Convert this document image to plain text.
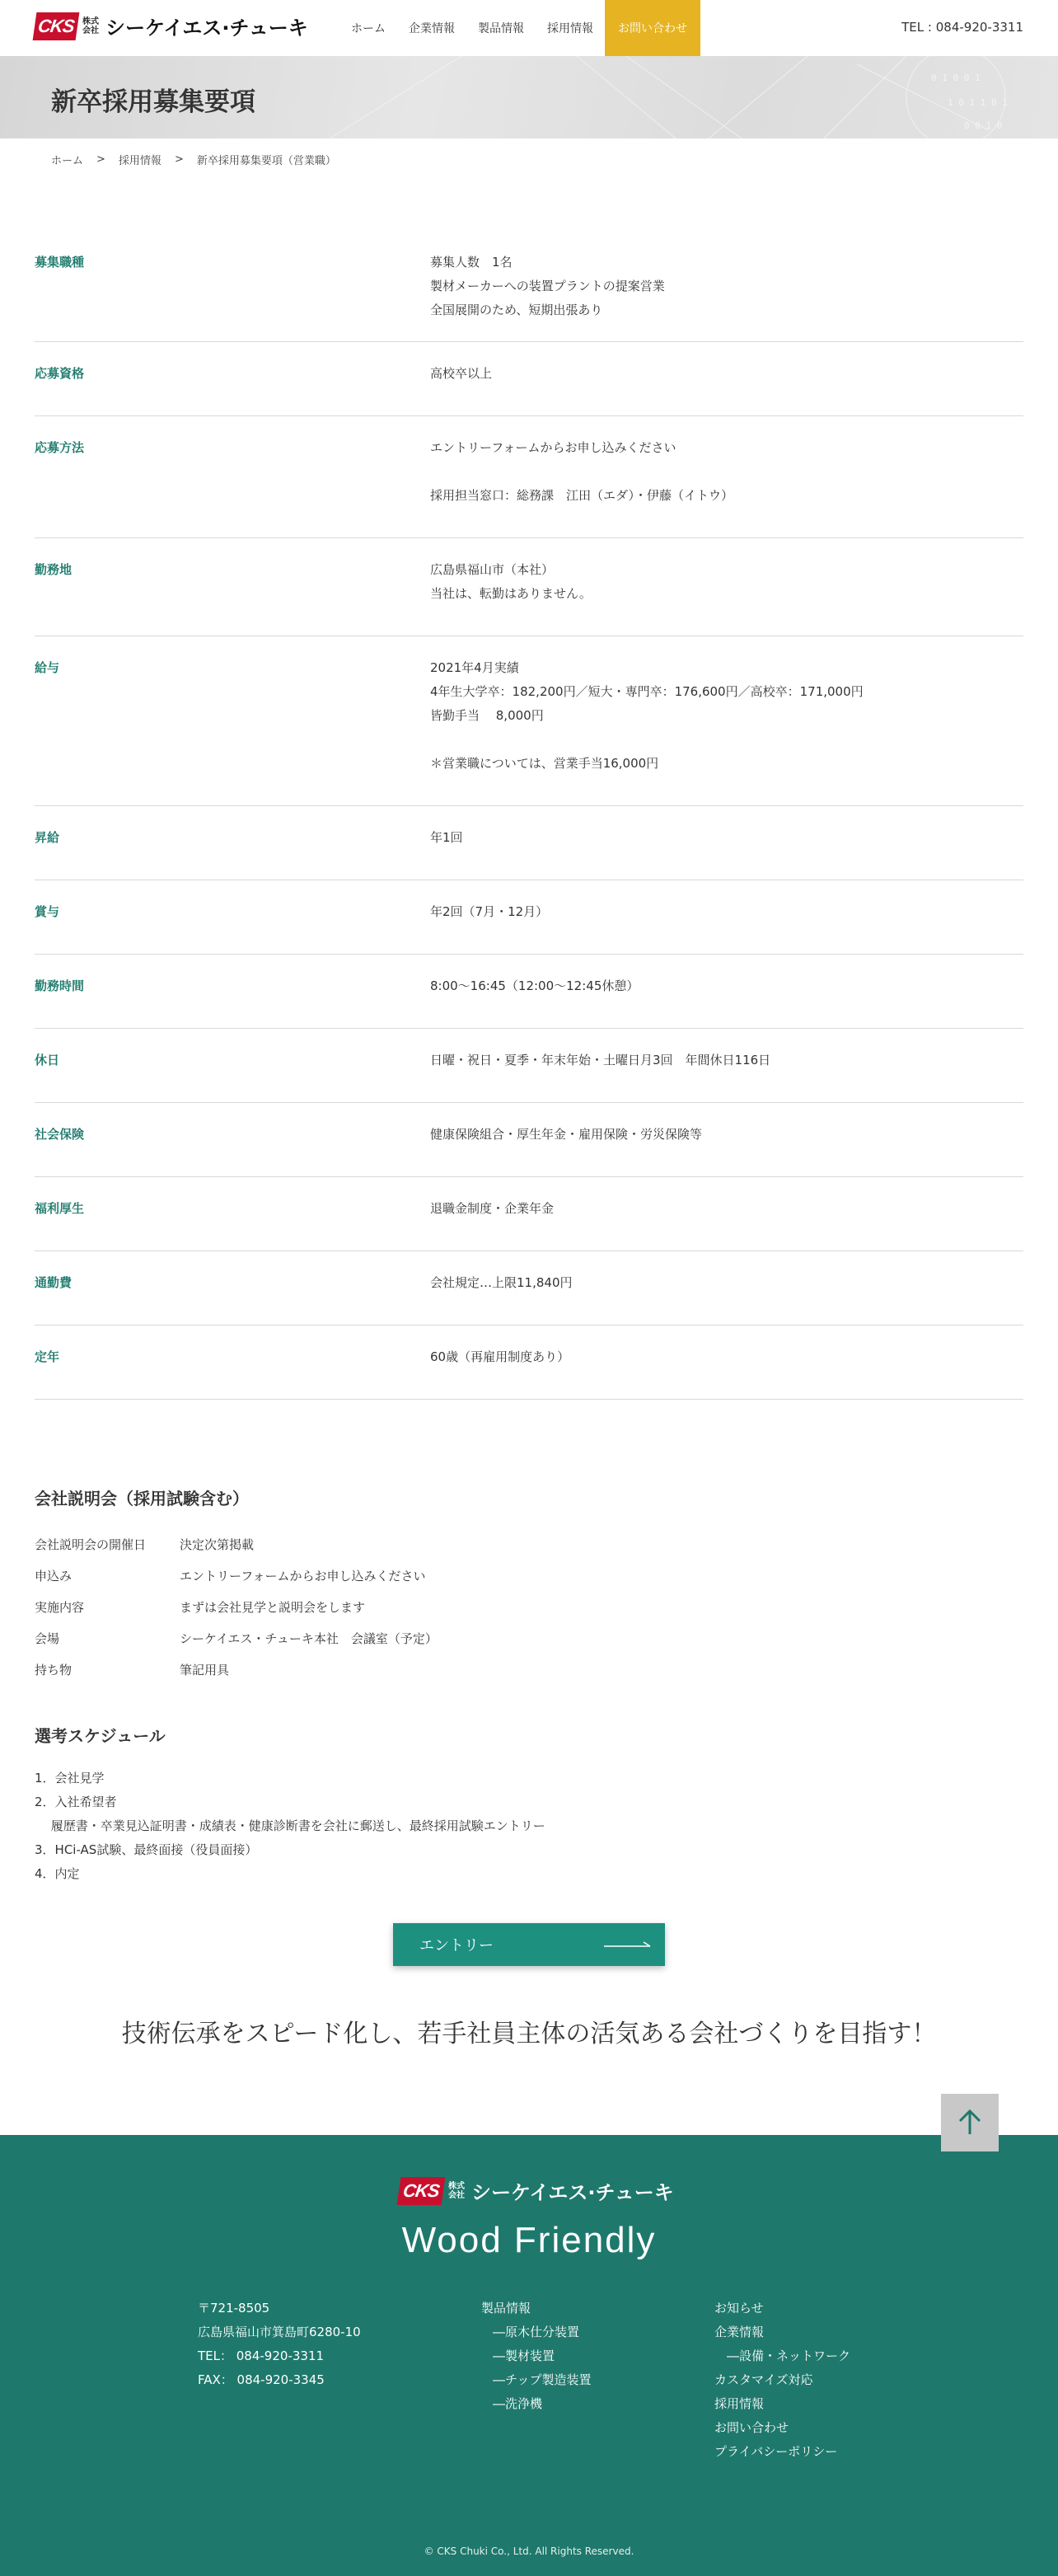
CKS 株式会社 シーケイエス·チューキ	ホーム	企業情報	製品情報	採用情報	お問い合わせ	TEL : 084-920-3311
0 1 0 0 1
1 0 1 1 0 1
0 0 1 0
新卒採用募集要項
ホーム > 採用情報 > 新卒採用募集要項（営業職）
募集職種	募集人数　1名
製材メーカーへの装置プラントの提案営業
全国展開のため、短期出張あり
応募資格	高校卒以上
応募方法	エントリーフォームからお申し込みください
採用担当窓口：総務課　江田（エダ）・伊藤（イトウ）
勤務地	広島県福山市（本社）
当社は、転勤はありません。
給与	2021年4月実績
4年生大学卒：182,200円／短大・専門卒：176,600円／高校卒：171,000円
皆勤手当　 8,000円
＊営業職については、営業手当16,000円
昇給	年1回
賞与	年2回（7月・12月）
勤務時間	8:00〜16:45（12:00〜12:45休憩）
休日	日曜・祝日・夏季・年末年始・土曜日月3回　年間休日116日
社会保険	健康保険組合・厚生年金・雇用保険・労災保険等
福利厚生	退職金制度・企業年金
通勤費	会社規定…上限11,840円
定年	60歳（再雇用制度あり）
会社説明会（採用試験含む）
会社説明会の開催日	決定次第掲載
申込み	エントリーフォームからお申し込みください
実施内容	まずは会社見学と説明会をします
会場	シーケイエス・チューキ本社　会議室（予定）
持ち物	筆記用具
選考スケジュール
1．会社見学
2．入社希望者
　 履歴書・卒業見込証明書・成績表・健康診断書を会社に郵送し、最終採用試験エントリー
3．HCi-AS試験、最終面接（役員面接）
4．内定
エントリー
技術伝承をスピード化し、若手社員主体の活気ある会社づくりを目指す！
CKS 株式会社 シーケイエス·チューキ
Wood Friendly
〒721-8505
広島県福山市箕島町6280-10
TEL： 084-920-3311
FAX： 084-920-3345
製品情報
―原木仕分装置
―製材装置
―チップ製造装置
―洗浄機
お知らせ
企業情報
　―設備・ネットワーク
カスタマイズ対応
採用情報
お問い合わせ
プライバシーポリシー
© CKS Chuki Co., Ltd. All Rights Reserved.
